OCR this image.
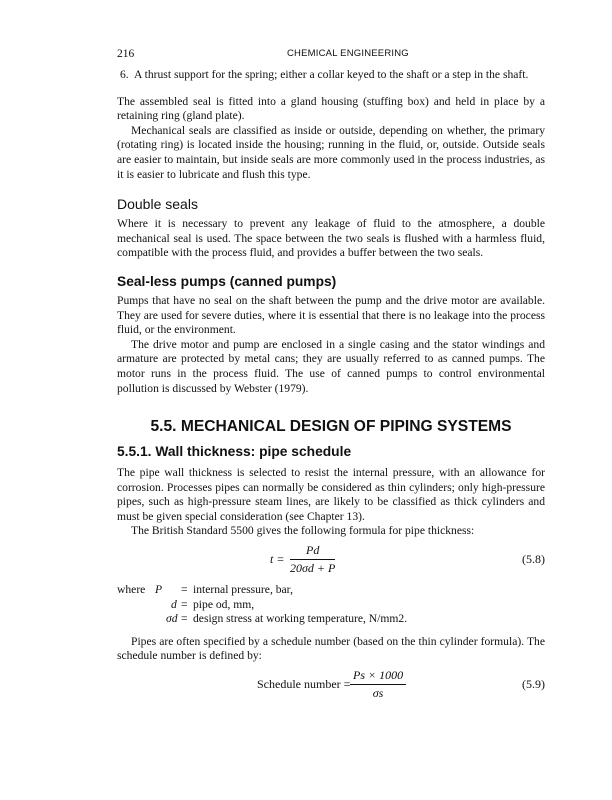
216	CHEMICAL ENGINEERING

6. A thrust support for the spring; either a collar keyed to the shaft or a step in the shaft.

The assembled seal is fitted into a gland housing (stuffing box) and held in place by a retaining ring (gland plate).

Mechanical seals are classified as inside or outside, depending on whether, the primary (rotating ring) is located inside the housing; running in the fluid, or, outside. Outside seals are easier to maintain, but inside seals are more commonly used in the process industries, as it is easier to lubricate and flush this type.

Double seals

Where it is necessary to prevent any leakage of fluid to the atmosphere, a double mechanical seal is used. The space between the two seals is flushed with a harmless fluid, compatible with the process fluid, and provides a buffer between the two seals.

Seal-less pumps (canned pumps)

Pumps that have no seal on the shaft between the pump and the drive motor are available. They are used for severe duties, where it is essential that there is no leakage into the process fluid, or the environment.

The drive motor and pump are enclosed in a single casing and the stator windings and armature are protected by metal cans; they are usually referred to as canned pumps. The motor runs in the process fluid. The use of canned pumps to control environmental pollution is discussed by Webster (1979).

5.5. MECHANICAL DESIGN OF PIPING SYSTEMS
5.5.1. Wall thickness: pipe schedule

The pipe wall thickness is selected to resist the internal pressure, with an allowance for corrosion. Processes pipes can normally be considered as thin cylinders; only high-pressure pipes, such as high-pressure steam lines, are likely to be classified as thick cylinders and must be given special consideration (see Chapter 13).

The British Standard 5500 gives the following formula for pipe thickness:

$t = \frac{Pd}{20\sigma d + P}$	(5.8)
where P = internal pressure, bar,
d = pipe od, mm,
σd = design stress at working temperature, N/mm2.

Pipes are often specified by a schedule number (based on the thin cylinder formula). The schedule number is defined by:

Schedule number = $\frac{Ps \times 1000}{\sigma s}$	(5.9)
